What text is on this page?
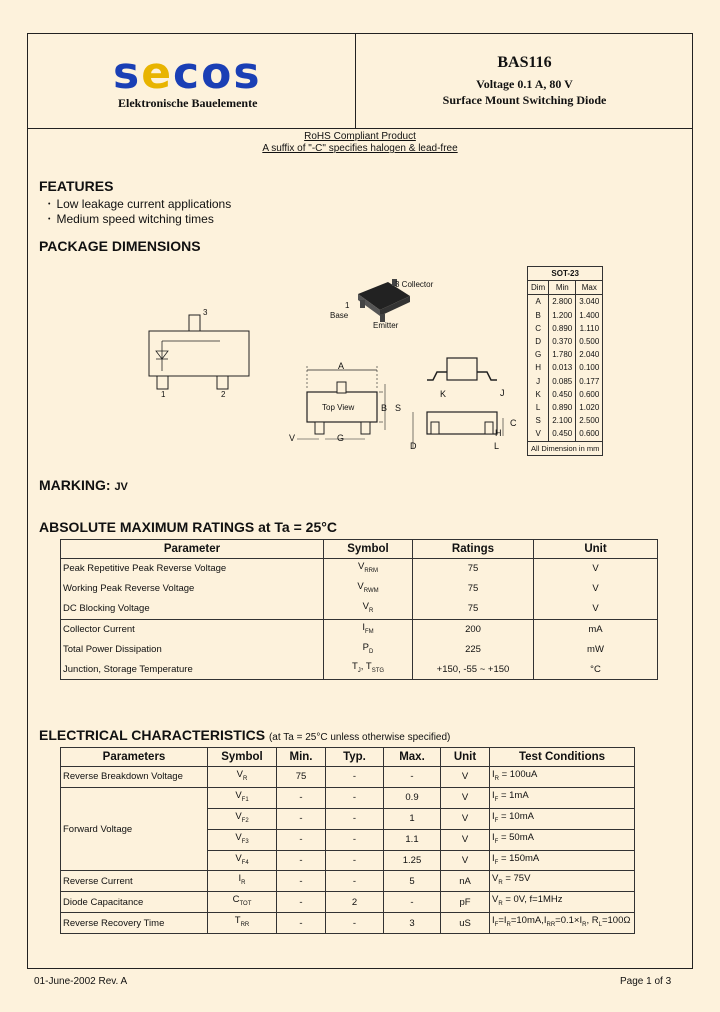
secos
Elektronische Bauelemente
BAS116
Voltage 0.1 A, 80 V
Surface Mount Switching Diode
RoHS Compliant Product
A suffix of "-C" specifies halogen & lead-free
FEATURES
• Low leakage current applications
• Medium speed witching times
PACKAGE DIMENSIONS
3
1	2
3 Collector
1
Base
Emitter
A
B S
Top View
V	G
K	J
D
H
C
L
SOT-23		
Dim	Min	Max
A	2.800	3.040
B	1.200	1.400
C	0.890	1.110
D	0.370	0.500
G	1.780	2.040
H	0.013	0.100
J	0.085	0.177
K	0.450	0.600
L	0.890	1.020
S	2.100	2.500
V	0.450	0.600
All Dimension in mm		
MARKING: JV
ABSOLUTE MAXIMUM RATINGS at Ta = 25°C
Parameter	Symbol	Ratings	Unit
Peak Repetitive Peak Reverse Voltage	$V_{RRM}$	75	V
Working Peak Reverse Voltage	$V_{RWM}$	75	V
DC Blocking Voltage	$V_R$	75	V
Collector Current	$I_{FM}$	200	mA
Total Power Dissipation	$P_D$	225	mW
Junction, Storage Temperature	$T_J$, $T_{STG}$	+150, -55 ~ +150	°C
ELECTRICAL CHARACTERISTICS (at Ta = 25°C unless otherwise specified)
Parameters	Symbol	Min.	Typ.	Max.	Unit	Test Conditions
Reverse Breakdown Voltage	$V_R$	75	-	-	V	$I_R = 100uA$
Forward Voltage	$V_{F1}$	-	-	0.9	V	$I_F = 1mA$
	$V_{F2}$	-	-	1	V	$I_F = 10mA$
	$V_{F3}$	-	-	1.1	V	$I_F = 50mA$
	$V_{F4}$	-	-	1.25	V	$I_F = 150mA$
Reverse Current	$I_R$	-	-	5	nA	$V_R = 75V$
Diode Capacitance	$C_{TOT}$	-	2	-	pF	$V_R = 0V$, f=1MHz
Reverse Recovery Time	$T_{RR}$	-	-	3	uS	$I_F=I_R=10mA,I_{RR}=0.1\times I_R$, $R_L=100\Omega$
01-June-2002 Rev. A	Page 1 of 3
